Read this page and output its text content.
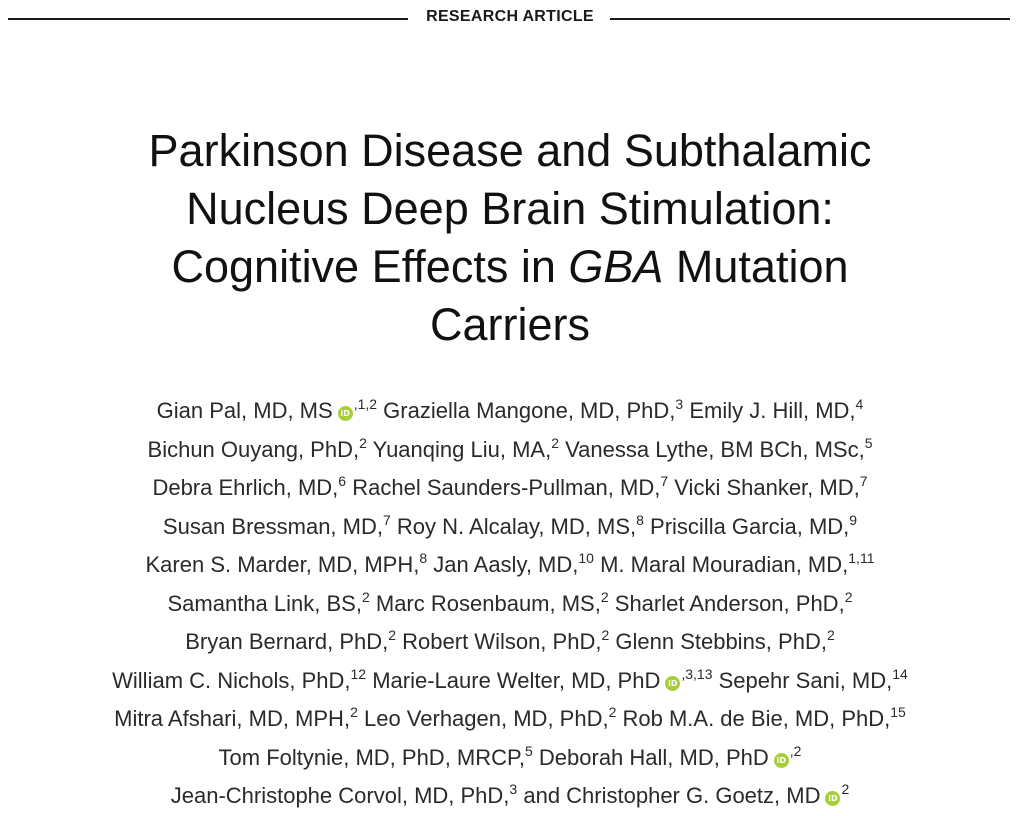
RESEARCH ARTICLE
Parkinson Disease and Subthalamic
Nucleus Deep Brain Stimulation:
Cognitive Effects in GBA Mutation
Carriers
Gian Pal, MD, MS iD$^{,1,2}$ Graziella Mangone, MD, PhD,$^3$ Emily J. Hill, MD,$^4$
Bichun Ouyang, PhD,$^2$ Yuanqing Liu, MA,$^2$ Vanessa Lythe, BM BCh, MSc,$^5$
Debra Ehrlich, MD,$^6$ Rachel Saunders-Pullman, MD,$^7$ Vicki Shanker, MD,$^7$
Susan Bressman, MD,$^7$ Roy N. Alcalay, MD, MS,$^8$ Priscilla Garcia, MD,$^9$
Karen S. Marder, MD, MPH,$^8$ Jan Aasly, MD,$^{10}$ M. Maral Mouradian, MD,$^{1,11}$
Samantha Link, BS,$^2$ Marc Rosenbaum, MS,$^2$ Sharlet Anderson, PhD,$^2$
Bryan Bernard, PhD,$^2$ Robert Wilson, PhD,$^2$ Glenn Stebbins, PhD,$^2$
William C. Nichols, PhD,$^{12}$ Marie-Laure Welter, MD, PhD iD$^{,3,13}$ Sepehr Sani, MD,$^{14}$
Mitra Afshari, MD, MPH,$^2$ Leo Verhagen, MD, PhD,$^2$ Rob M.A. de Bie, MD, PhD,$^{15}$
Tom Foltynie, MD, PhD, MRCP,$^5$ Deborah Hall, MD, PhD iD$^{,2}$
Jean-Christophe Corvol, MD, PhD,$^3$ and Christopher G. Goetz, MD iD$^2$
